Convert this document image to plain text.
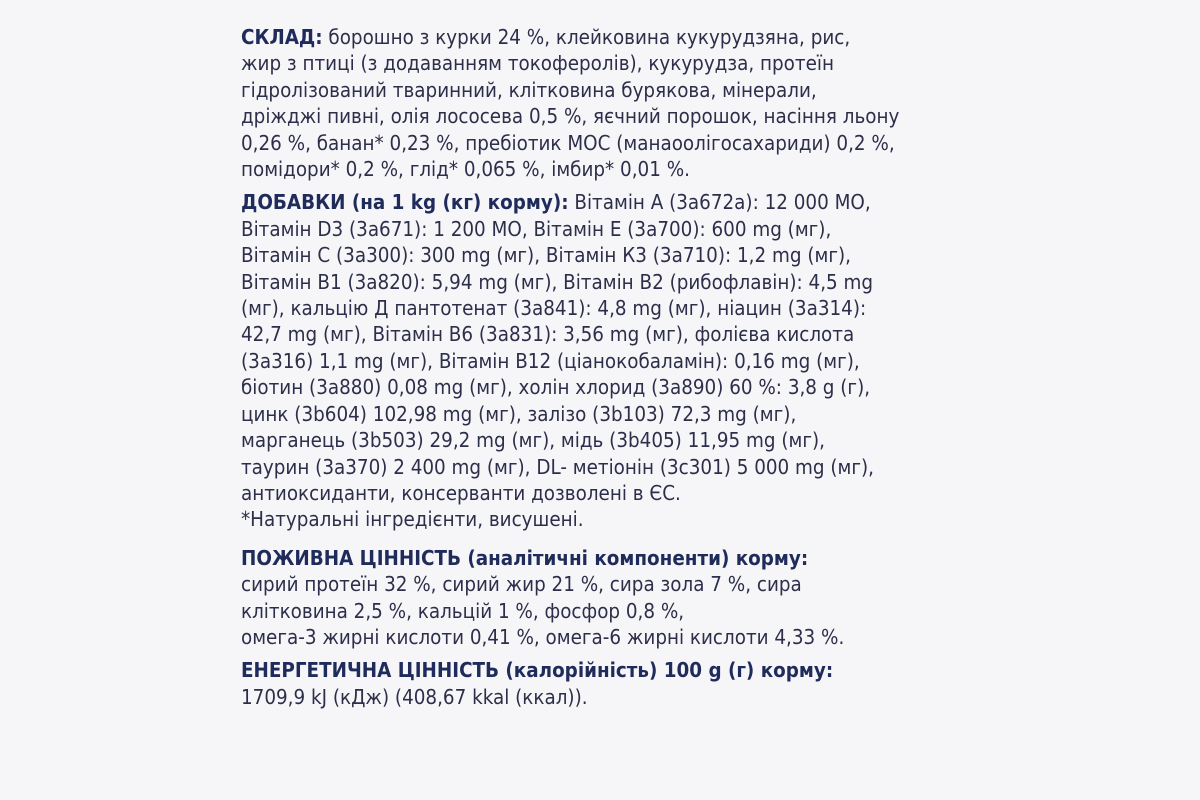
СКЛАД: борошно з курки 24 %, клейковина кукурудзяна, рис,
жир з птиці (з додаванням токоферолів), кукурудза, протеїн
гідролізований тваринний, клітковина бурякова, мінерали,
дріжджі пивні, олія лососева 0,5 %, яєчний порошок, насіння льону
0,26 %, банан* 0,23 %, пребіотик МОС (манаоолігосахариди) 0,2 %,
помідори* 0,2 %, глід* 0,065 %, імбир* 0,01 %.
ДОБАВКИ (на 1 kg (кг) корму): Вітамін А (3а672а): 12 000 МО,
Вітамін D3 (3а671): 1 200 МО, Вітамін Е (3а700): 600 mg (мг),
Вітамін С (3а300): 300 mg (мг), Вітамін К3 (3а710): 1,2 mg (мг),
Вітамін В1 (3а820): 5,94 mg (мг), Вітамін В2 (рибофлавін): 4,5 mg
(мг), кальцію Д пантотенат (3а841): 4,8 mg (мг), ніацин (3а314):
42,7 mg (мг), Вітамін В6 (3а831): 3,56 mg (мг), фолієва кислота
(3а316) 1,1 mg (мг), Вітамін В12 (ціанокобаламін): 0,16 mg (мг),
біотин (3а880) 0,08 mg (мг), холін хлорид (3а890) 60 %: 3,8 g (г),
цинк (3b604) 102,98 mg (мг), залізо (3b103) 72,3 mg (мг),
марганець (3b503) 29,2 mg (мг), мідь (3b405) 11,95 mg (мг),
таурин (3а370) 2 400 mg (мг), DL- метіонін (3с301) 5 000 mg (мг),
антиоксиданти, консерванти дозволені в ЄС.
*Натуральні інгредієнти, висушені.
ПОЖИВНА ЦІННІСТЬ (аналітичні компоненти) корму:
сирий протеїн 32 %, сирий жир 21 %, сира зола 7 %, сира
клітковина 2,5 %, кальцій 1 %, фосфор 0,8 %,
омега-3 жирні кислоти 0,41 %, омега-6 жирні кислоти 4,33 %.
ЕНЕРГЕТИЧНА ЦІННІСТЬ (калорійність) 100 g (г) корму:
1709,9 kJ (кДж) (408,67 kkal (ккал)).
